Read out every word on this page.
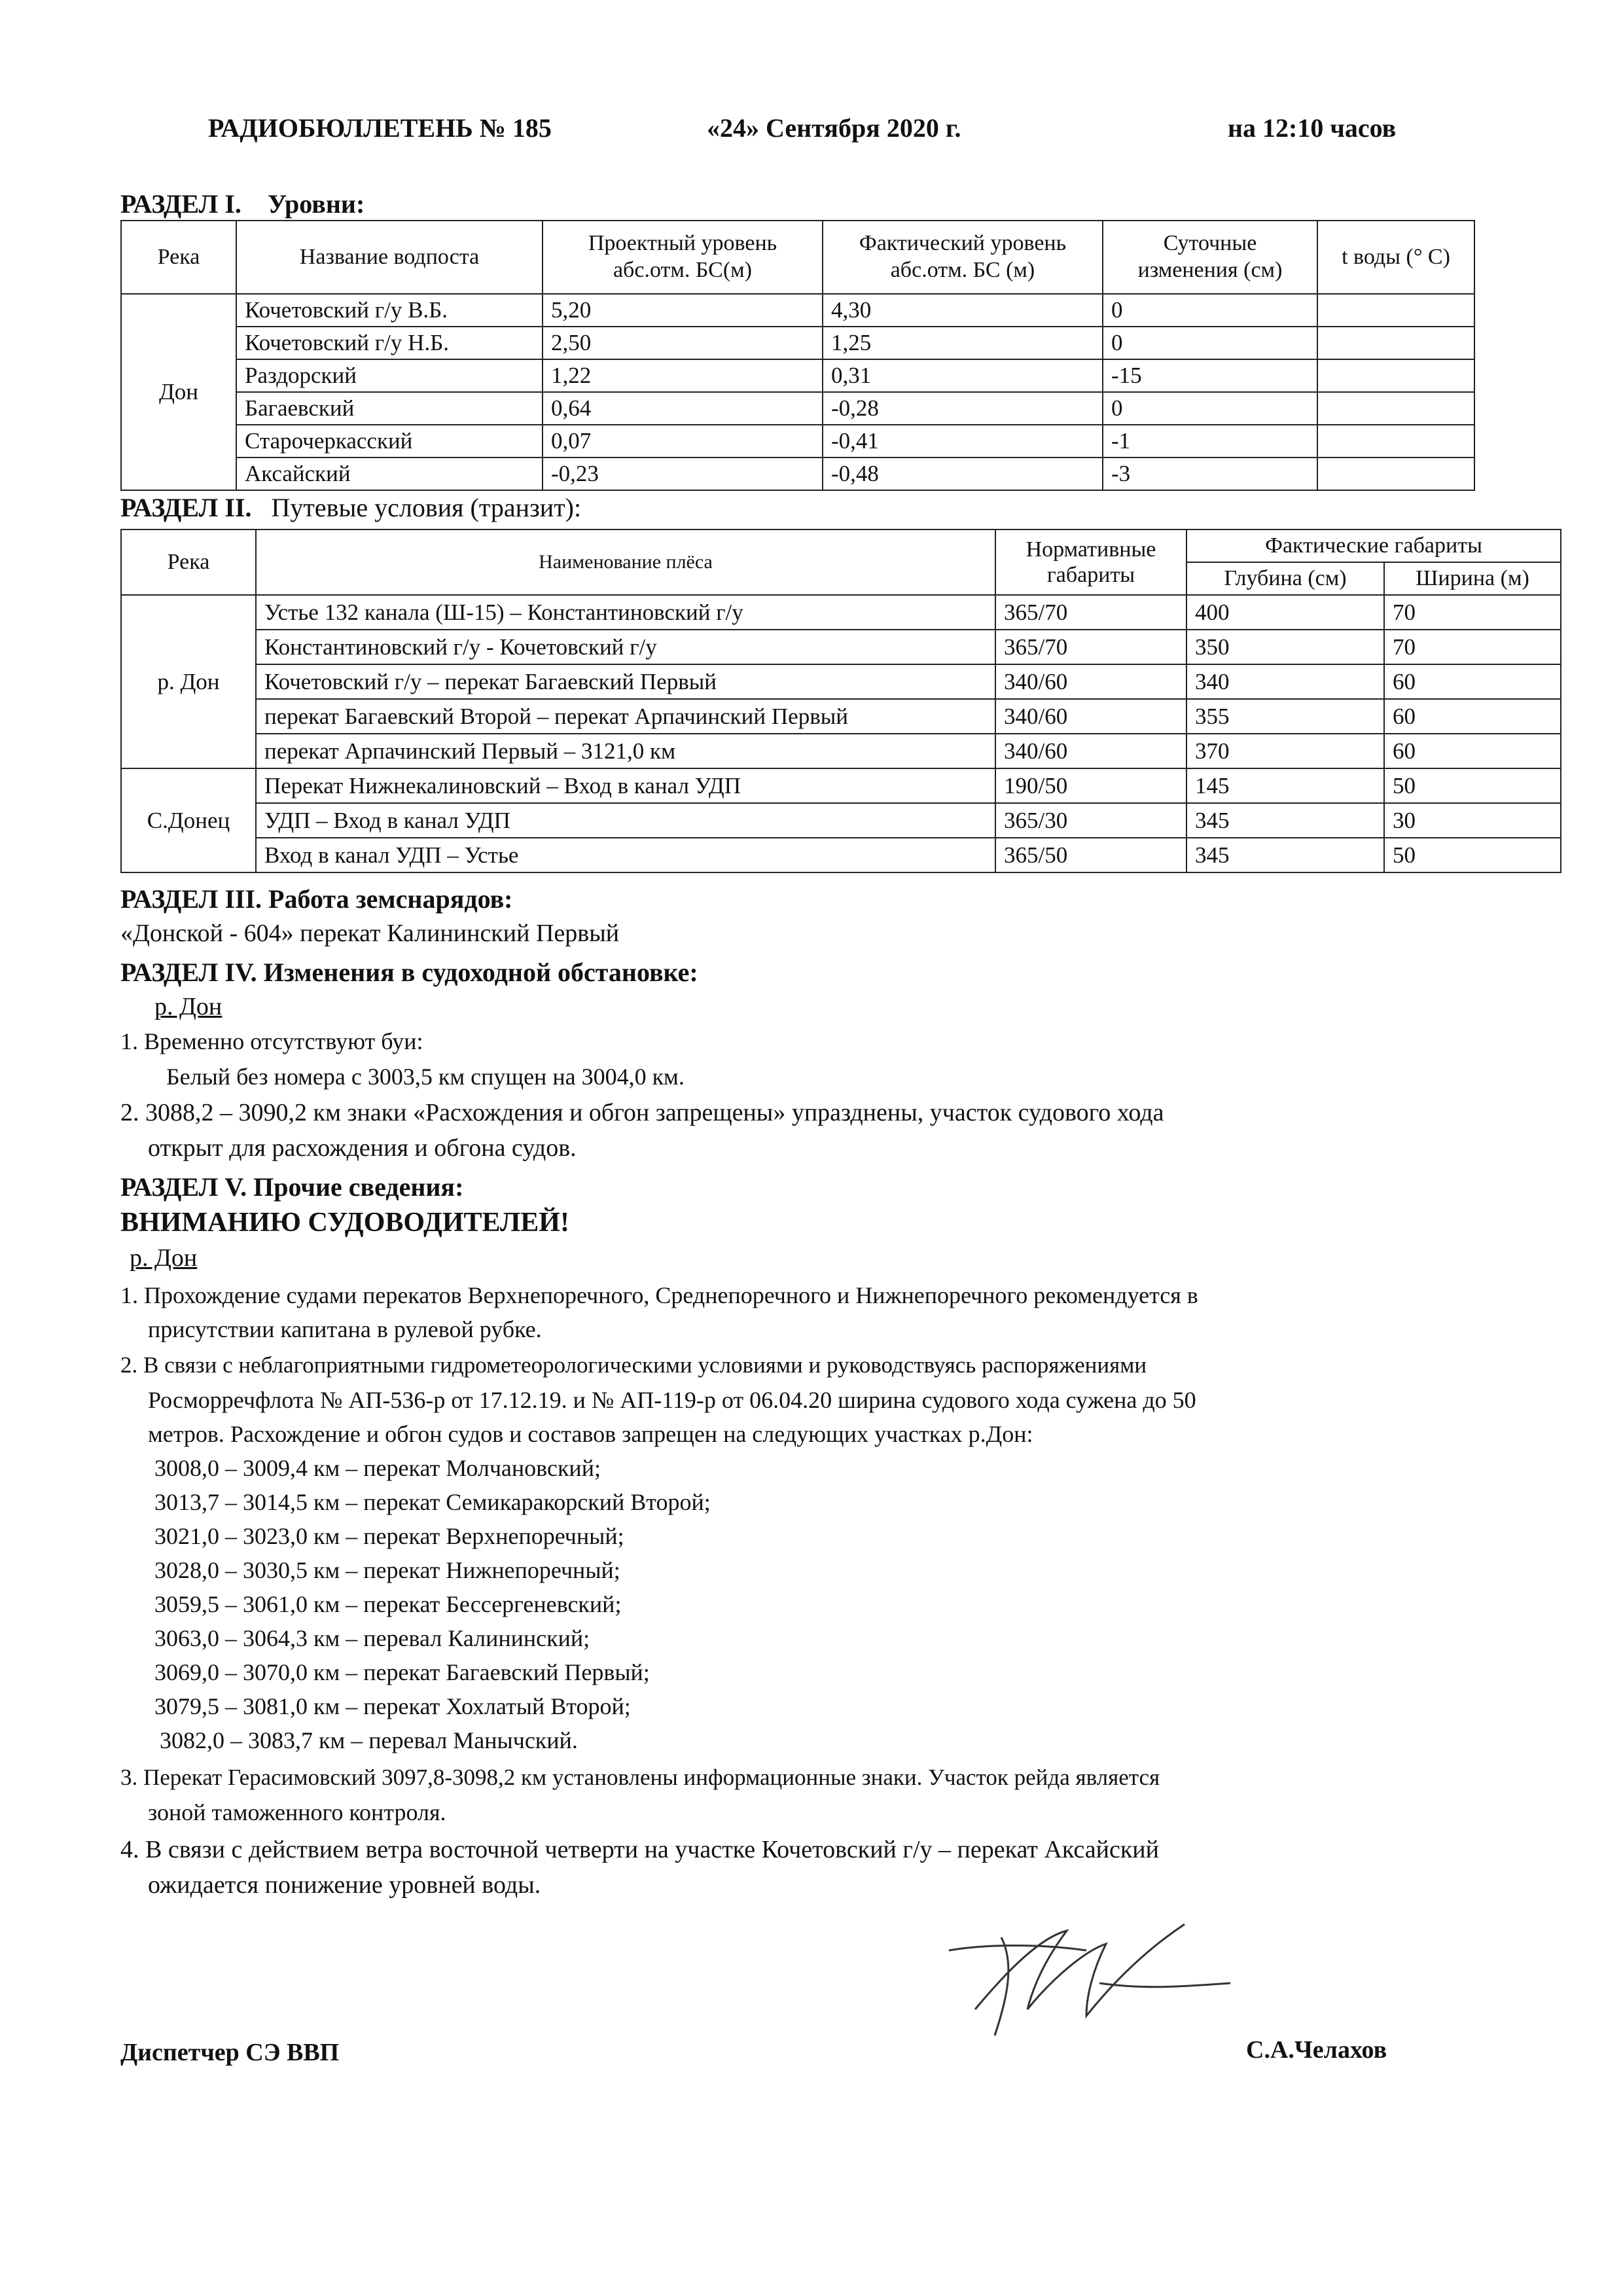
РАДИОБЮЛЛЕТЕНЬ № 185	«24» Сентября 2020 г.	на 12:10 часов
РАЗДЕЛ I. Уровни:
Река	Название водпоста	Проектный уровень абс.отм. БС(м)	Фактический уровень абс.отм. БС (м)	Суточные изменения (см)	t воды (° С)
Дон	Кочетовский г/у В.Б.	5,20	4,30	0	
	Кочетовский г/у Н.Б.	2,50	1,25	0	
	Раздорский	1,22	0,31	-15	
	Багаевский	0,64	-0,28	0	
	Старочеркасский	0,07	-0,41	-1	
	Аксайский	-0,23	-0,48	-3	
РАЗДЕЛ II. Путевые условия (транзит):
Река	Наименование плёса	Нормативные габариты	Фактические габариты	
			Глубина (см)	Ширина (м)
р. Дон	Устье 132 канала (Ш-15) – Константиновский г/у	365/70	400	70
	Константиновский г/у - Кочетовский г/у	365/70	350	70
	Кочетовский г/у – перекат Багаевский Первый	340/60	340	60
	перекат Багаевский Второй – перекат Арпачинский Первый	340/60	355	60
	перекат Арпачинский Первый – 3121,0 км	340/60	370	60
С.Донец	Перекат Нижнекалиновский – Вход в канал УДП	190/50	145	50
	УДП – Вход в канал УДП	365/30	345	30
	Вход в канал УДП – Устье	365/50	345	50
РАЗДЕЛ III. Работа земснарядов:
«Донской - 604» перекат Калининский Первый
РАЗДЕЛ IV. Изменения в судоходной обстановке:
р. Дон
1. Временно отсутствуют буи:
Белый без номера с 3003,5 км спущен на 3004,0 км.
2. 3088,2 – 3090,2 км знаки «Расхождения и обгон запрещены» упразднены, участок судового хода
открыт для расхождения и обгона судов.
РАЗДЕЛ V. Прочие сведения:
ВНИМАНИЮ СУДОВОДИТЕЛЕЙ!
р. Дон
1. Прохождение судами перекатов Верхнепоречного, Среднепоречного и Нижнепоречного рекомендуется в
присутствии капитана в рулевой рубке.
2. В связи с неблагоприятными гидрометеорологическими условиями и руководствуясь распоряжениями
Росморречфлота № АП-536-р от 17.12.19. и № АП-119-р от 06.04.20 ширина судового хода сужена до 50
метров. Расхождение и обгон судов и составов запрещен на следующих участках р.Дон:
3008,0 – 3009,4 км – перекат Молчановский;
3013,7 – 3014,5 км – перекат Семикаракорский Второй;
3021,0 – 3023,0 км – перекат Верхнепоречный;
3028,0 – 3030,5 км – перекат Нижнепоречный;
3059,5 – 3061,0 км – перекат Бессергеневский;
3063,0 – 3064,3 км – перевал Калининский;
3069,0 – 3070,0 км – перекат Багаевский Первый;
3079,5 – 3081,0 км – перекат Хохлатый Второй;
3082,0 – 3083,7 км – перевал Манычский.
3. Перекат Герасимовский 3097,8-3098,2 км установлены информационные знаки. Участок рейда является
зоной таможенного контроля.
4. В связи с действием ветра восточной четверти на участке Кочетовский г/у – перекат Аксайский
ожидается понижение уровней воды.
Диспетчер СЭ ВВП	С.А.Челахов
